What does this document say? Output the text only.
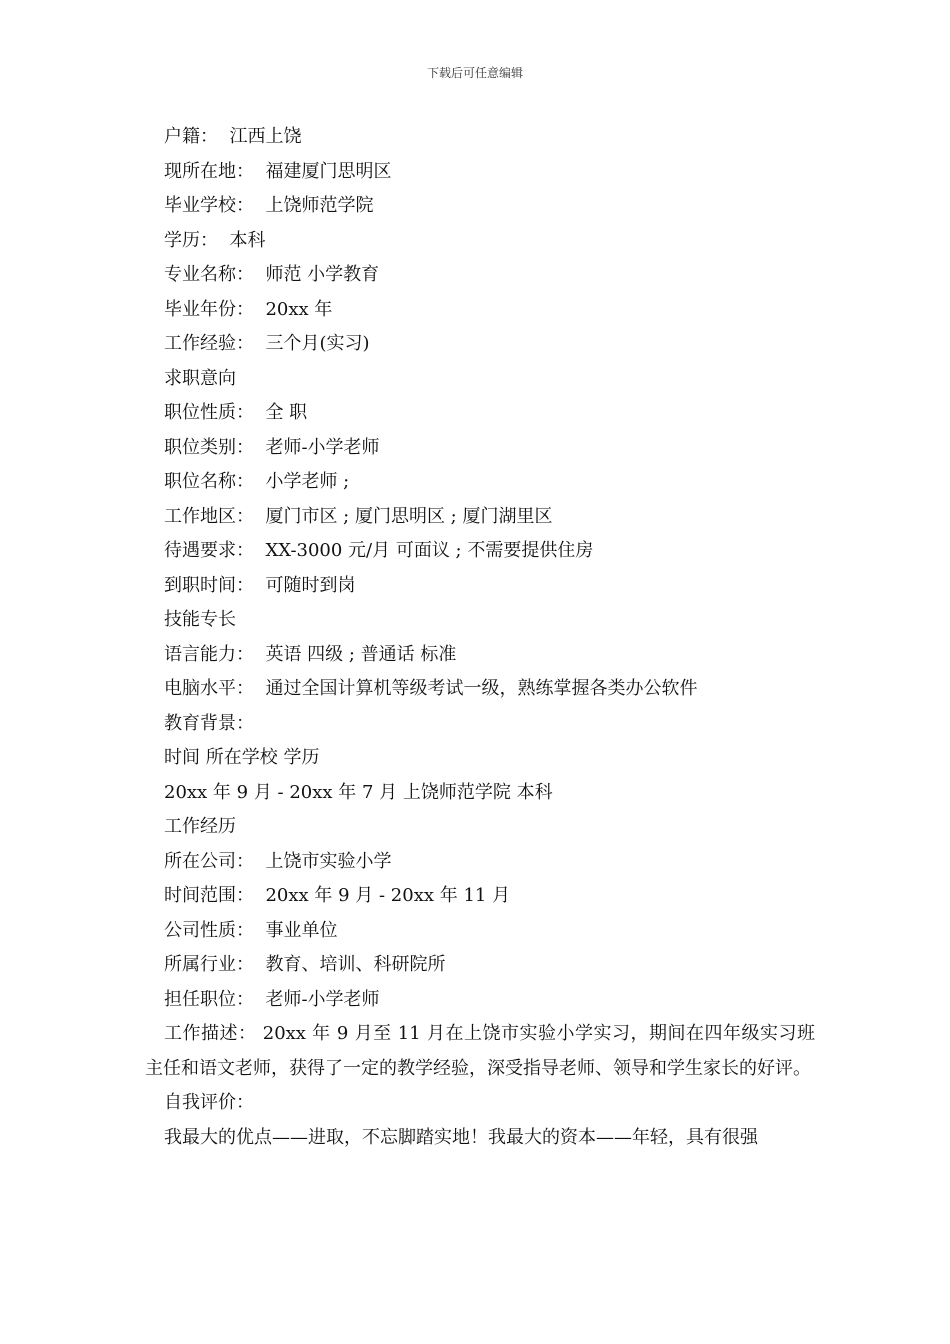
下载后可任意编辑
户籍： 江西上饶
现所在地： 福建厦门思明区
毕业学校： 上饶师范学院
学历： 本科
专业名称： 师范 小学教育
毕业年份： 20xx 年
工作经验： 三个月(实习)
求职意向
职位性质： 全 职
职位类别： 老师-小学老师
职位名称： 小学老师 ;
工作地区： 厦门市区 ; 厦门思明区 ; 厦门湖里区
待遇要求： XX-3000 元/月 可面议 ; 不需要提供住房
到职时间： 可随时到岗
技能专长
语言能力： 英语 四级 ; 普通话 标准
电脑水平： 通过全国计算机等级考试一级，熟练掌握各类办公软件
教育背景：
时间 所在学校 学历
20xx 年 9 月 - 20xx 年 7 月 上饶师范学院 本科
工作经历
所在公司： 上饶市实验小学
时间范围： 20xx 年 9 月 - 20xx 年 11 月
公司性质： 事业单位
所属行业： 教育、培训、科研院所
担任职位： 老师-小学老师
工作描述： 20xx 年 9 月至 11 月在上饶市实验小学实习，期间在四年级实习班主任和语文老师，获得了一定的教学经验，深受指导老师、领导和学生家长的好评。
自我评价：
我最大的优点——进取，不忘脚踏实地！我最大的资本——年轻，具有很强
